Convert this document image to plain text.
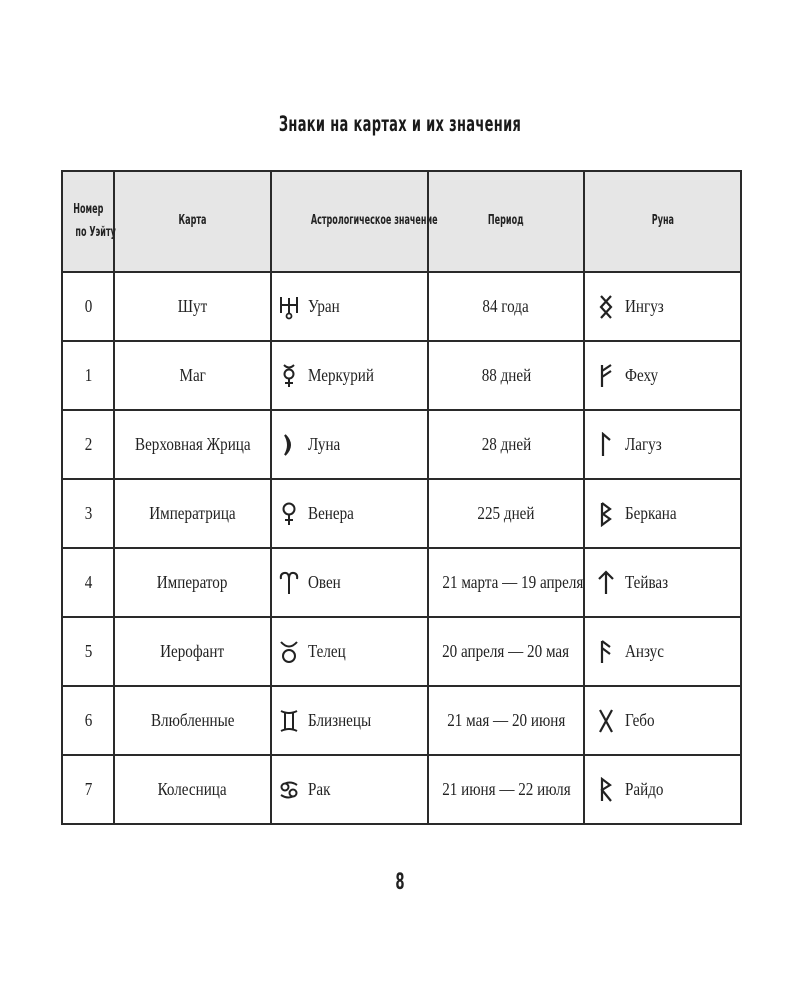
Знаки на картах и их значения
Номер
по Уэйту	Карта	Астрологическое значение	Период	Руна
0	Шут	Уран	84 года	Ингуз

1	Маг	Меркурий	88 дней	Феху

2	Верховная Жрица	Луна	28 дней	Лагуз

3	Императрица	Венера	225 дней	Беркана

4	Император	Овен	21 марта — 19 апреля	Тейваз

5	Иерофант	Телец	20 апреля — 20 мая	Анзус

6	Влюбленные	Близнецы	21 мая — 20 июня	Гебо

7	Колесница	Рак	21 июня — 22 июля	Райдо
8
